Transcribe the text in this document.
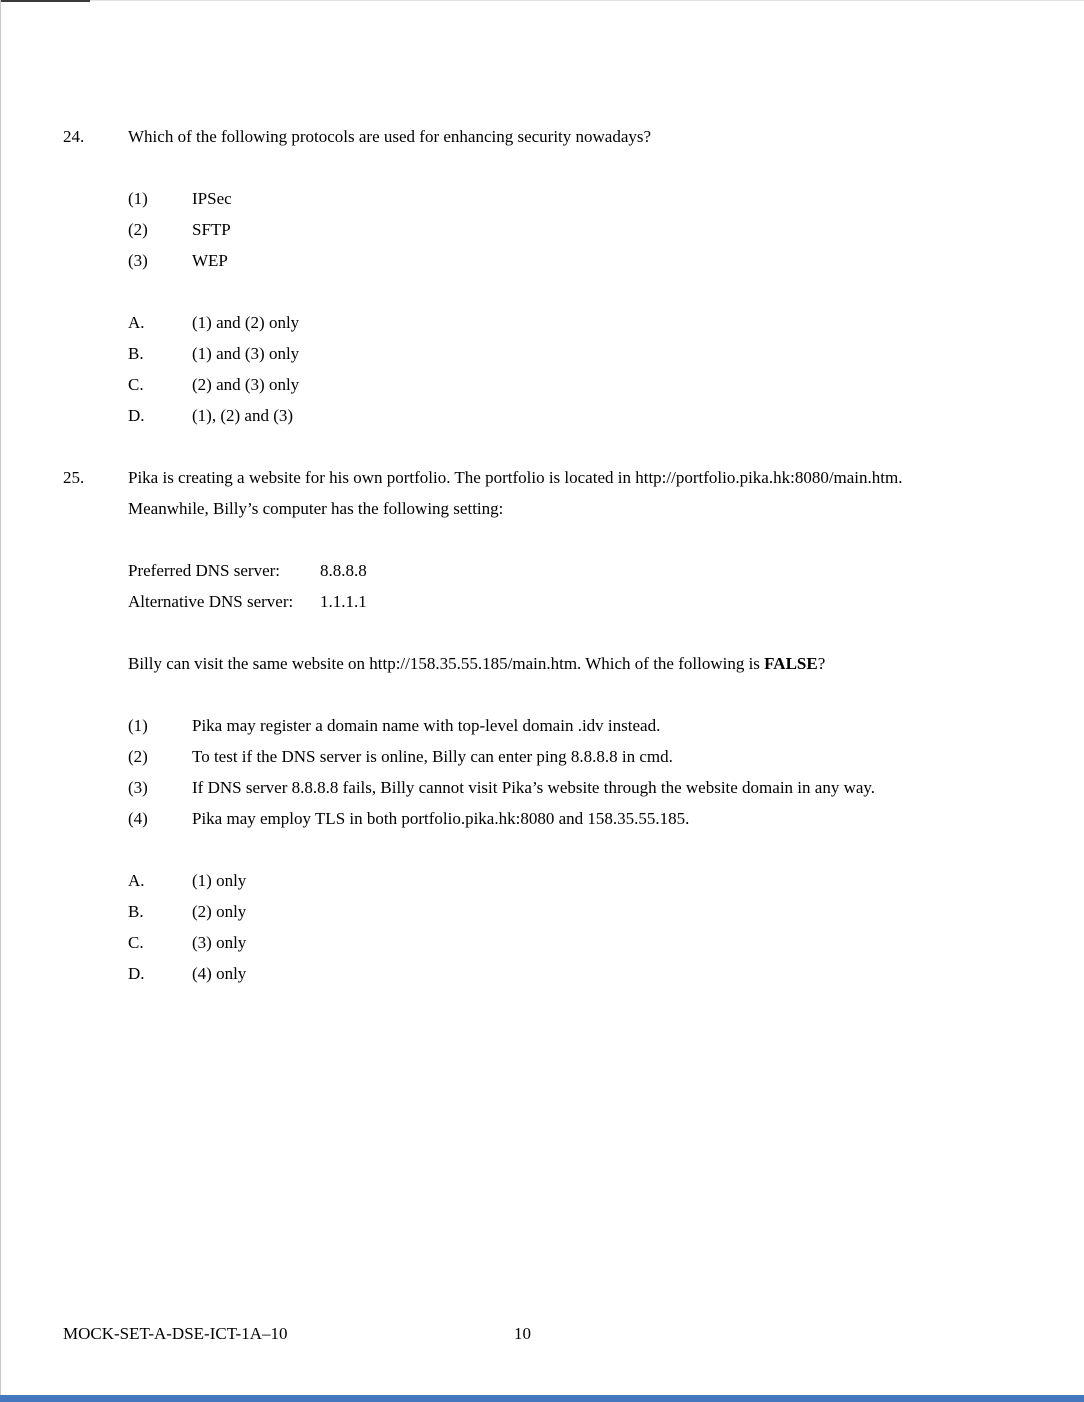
24.	Which of the following protocols are used for enhancing security nowadays?

(1)	IPSec
(2)	SFTP
(3)	WEP
A.	(1) and (2) only
B.	(1) and (3) only
C.	(2) and (3) only
D.	(1), (2) and (3)
25.	Pika is creating a website for his own portfolio. The portfolio is located in http://portfolio.pika.hk:8080/main.htm.

Meanwhile, Billy’s computer has the following setting:

Preferred DNS server:	8.8.8.8
Alternative DNS server:	1.1.1.1

Billy can visit the same website on http://158.35.55.185/main.htm. Which of the following is FALSE?

(1)	Pika may register a domain name with top-level domain .idv instead.
(2)	To test if the DNS server is online, Billy can enter ping 8.8.8.8 in cmd.
(3)	If DNS server 8.8.8.8 fails, Billy cannot visit Pika’s website through the website domain in any way.
(4)	Pika may employ TLS in both portfolio.pika.hk:8080 and 158.35.55.185.
A.	(1) only
B.	(2) only
C.	(3) only
D.	(4) only
MOCK-SET-A-DSE-ICT-1A–10	10
